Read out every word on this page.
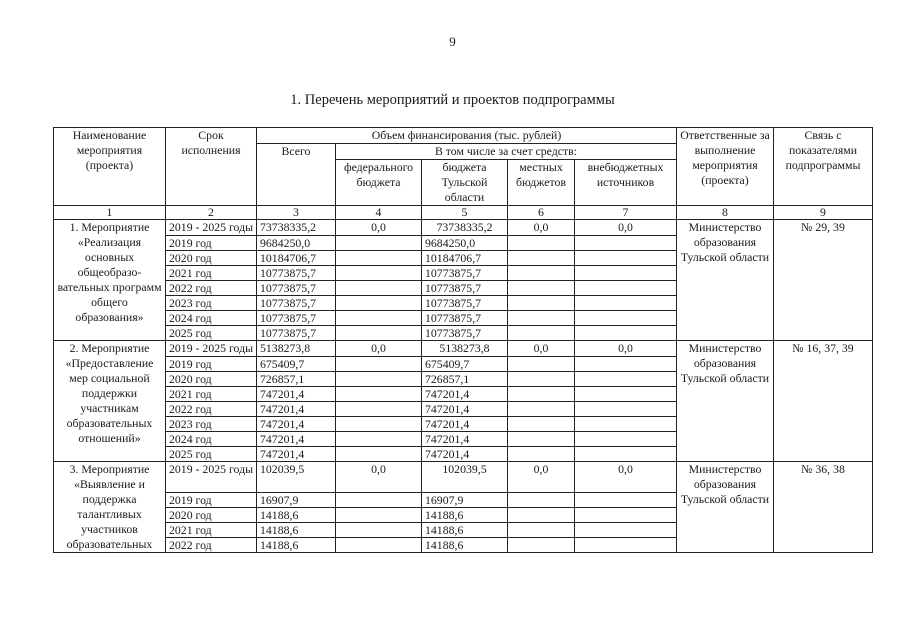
9
1. Перечень мероприятий и проектов подпрограммы
Наименование мероприятия (проекта)	Срок исполнения	Объем финансирования (тыс. рублей)					Ответственные за выполнение мероприятия (проекта)	Связь с показателями подпрограммы
		Всего	В том числе за счет средств:					
			федерального бюджета	бюджета Тульской области	местных бюджетов	внебюджетных источников		
1	2	3	4	5	6	7	8	9
1. Мероприятие «Реализация основных общеобразо-вательных программ общего образования»	2019 - 2025 годы	73738335,2	0,0	73738335,2	0,0	0,0	Министерство образования Тульской области	№ 29, 39
	2019 год	9684250,0		9684250,0				
	2020 год	10184706,7		10184706,7				
	2021 год	10773875,7		10773875,7				
	2022 год	10773875,7		10773875,7				
	2023 год	10773875,7		10773875,7				
	2024 год	10773875,7		10773875,7				
	2025 год	10773875,7		10773875,7				
2. Мероприятие «Предоставление мер социальной поддержки участникам образовательных отношений»	2019 - 2025 годы	5138273,8	0,0	5138273,8	0,0	0,0	Министерство образования Тульской области	№ 16, 37, 39
	2019 год	675409,7		675409,7				
	2020 год	726857,1		726857,1				
	2021 год	747201,4		747201,4				
	2022 год	747201,4		747201,4				
	2023 год	747201,4		747201,4				
	2024 год	747201,4		747201,4				
	2025 год	747201,4		747201,4				
3. Мероприятие «Выявление и поддержка талантливых участников образовательных	2019 - 2025 годы	102039,5	0,0	102039,5	0,0	0,0	Министерство образования Тульской области	№ 36, 38
	2019 год	16907,9		16907,9				
	2020 год	14188,6		14188,6				
	2021 год	14188,6		14188,6				
	2022 год	14188,6		14188,6				
